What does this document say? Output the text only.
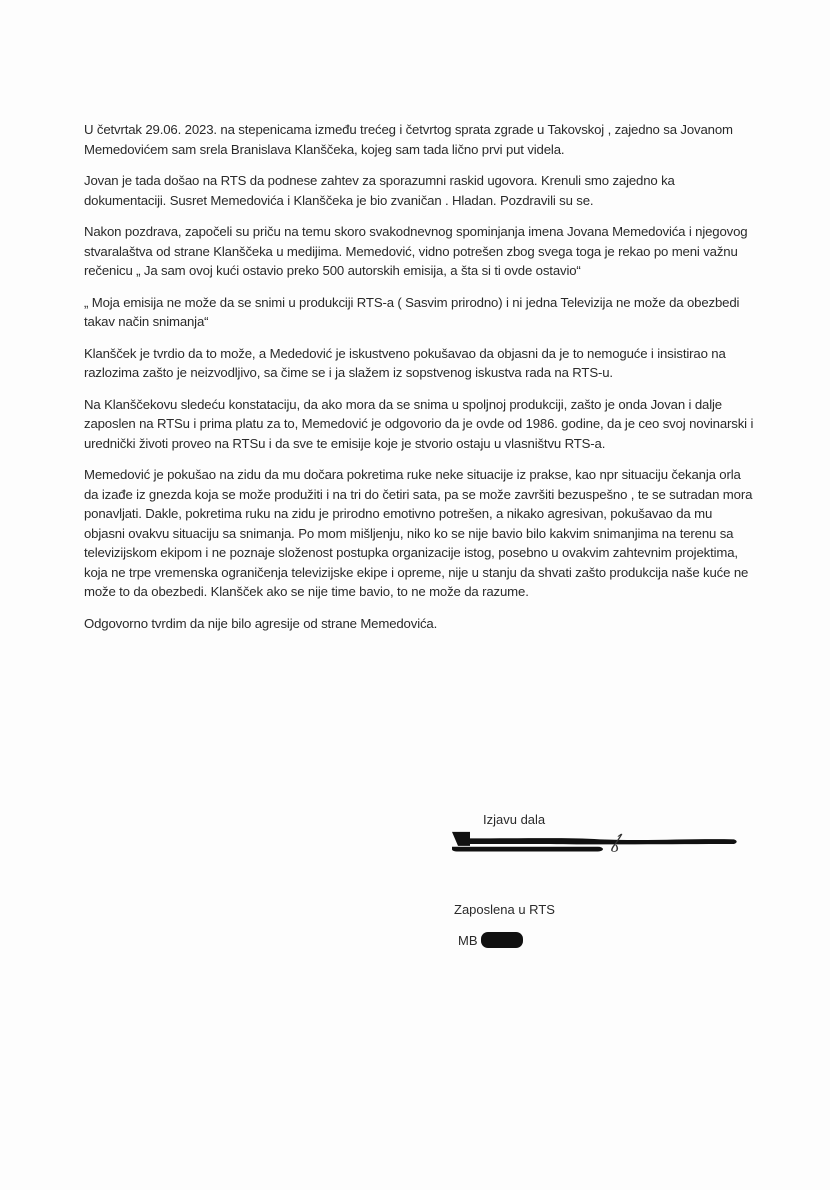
U četvrtak 29.06. 2023. na stepenicama između trećeg i četvrtog sprata zgrade u Takovskoj , zajedno sa Jovanom Memedovićem sam srela Branislava Klanščeka, kojeg sam tada lično prvi put videla.

Jovan je tada došao na RTS da podnese zahtev za sporazumni raskid ugovora. Krenuli smo zajedno ka dokumentaciji. Susret Memedovića i Klanščeka je bio zvaničan . Hladan. Pozdravili su se.

Nakon pozdrava, započeli su priču na temu skoro svakodnevnog spominjanja imena Jovana Memedovića i njegovog stvaralaštva od strane Klanščeka u medijima. Memedović, vidno potrešen zbog svega toga je rekao po meni važnu rečenicu „ Ja sam ovoj kući ostavio preko 500 autorskih emisija, a šta si ti ovde ostavio“

„ Moja emisija ne može da se snimi u produkciji RTS-a ( Sasvim prirodno) i ni jedna Televizija ne može da obezbedi takav način snimanja“

Klanšček je tvrdio da to može, a Mededović je iskustveno pokušavao da objasni da je to nemoguće i insistirao na razlozima zašto je neizvodljivo, sa čime se i ja slažem iz sopstvenog iskustva rada na RTS-u.

Na Klanščekovu sledeću konstataciju, da ako mora da se snima u spoljnoj produkciji, zašto je onda Jovan i dalje zaposlen na RTSu i prima platu za to, Memedović je odgovorio da je ovde od 1986. godine, da je ceo svoj novinarski i urednički životi proveo na RTSu i da sve te emisije koje je stvorio ostaju u vlasništvu RTS-a.

Memedović je pokušao na zidu da mu dočara pokretima ruke neke situacije iz prakse, kao npr situaciju čekanja orla da izađe iz gnezda koja se može produžiti i na tri do četiri sata, pa se može završiti bezuspešno , te se sutradan mora ponavljati. Dakle, pokretima ruku na zidu je prirodno emotivno potrešen, a nikako agresivan, pokušavao da mu objasni ovakvu situaciju sa snimanja. Po mom mišljenju, niko ko se nije bavio bilo kakvim snimanjima na terenu sa televizijskom ekipom i ne poznaje složenost postupka organizacije istog, posebno u ovakvim zahtevnim projektima, koja ne trpe vremenska ograničenja televizijske ekipe i opreme, nije u stanju da shvati zašto produkcija naše kuće ne može to da obezbedi. Klanšček ako se nije time bavio, to ne može da razume.

Odgovorno tvrdim da nije bilo agresije od strane Memedovića.

Izjavu dala
Zaposlena u RTS
MB
